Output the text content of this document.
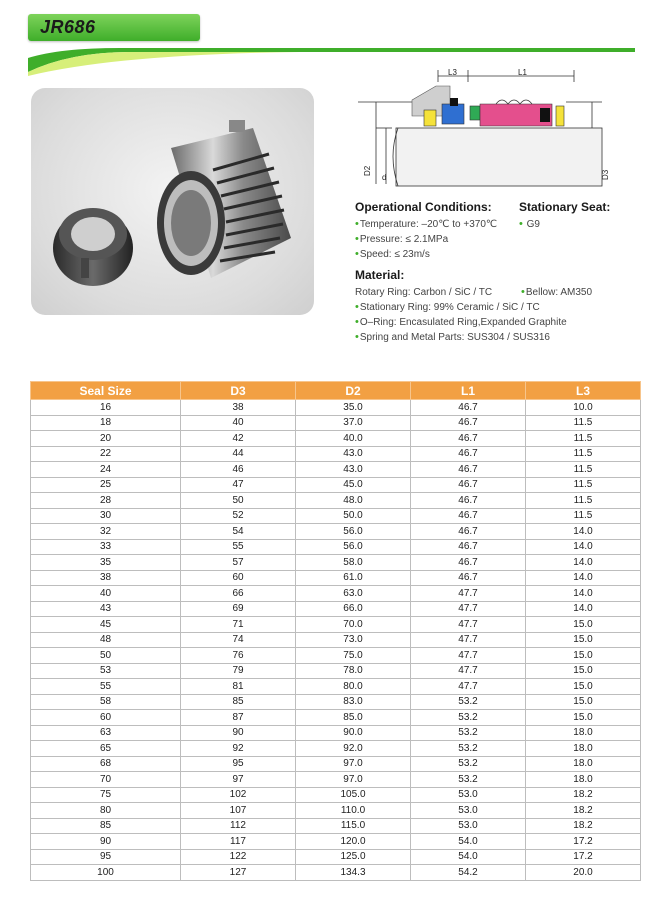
JR686
L3	L1
D2
d	D3
Operational Conditions: Stationary Seat:
•Temperature: –20℃ to +370℃
•Pressure: ≤ 2.1MPa
•Speed: ≤ 23m/s
• G9
Material:
Rotary Ring: Carbon / SiC / TC	•Bellow: AM350
•Stationary Ring: 99% Ceramic / SiC / TC
•O–Ring: Encasulated Ring,Expanded Graphite
•Spring and Metal Parts: SUS304 / SUS316
Seal Size	D3	D2	L1	L3
16	38	35.0	46.7	10.0
18	40	37.0	46.7	11.5
20	42	40.0	46.7	11.5
22	44	43.0	46.7	11.5
24	46	43.0	46.7	11.5
25	47	45.0	46.7	11.5
28	50	48.0	46.7	11.5
30	52	50.0	46.7	11.5
32	54	56.0	46.7	14.0
33	55	56.0	46.7	14.0
35	57	58.0	46.7	14.0
38	60	61.0	46.7	14.0
40	66	63.0	47.7	14.0
43	69	66.0	47.7	14.0
45	71	70.0	47.7	15.0
48	74	73.0	47.7	15.0
50	76	75.0	47.7	15.0
53	79	78.0	47.7	15.0
55	81	80.0	47.7	15.0
58	85	83.0	53.2	15.0
60	87	85.0	53.2	15.0
63	90	90.0	53.2	18.0
65	92	92.0	53.2	18.0
68	95	97.0	53.2	18.0
70	97	97.0	53.2	18.0
75	102	105.0	53.0	18.2
80	107	110.0	53.0	18.2
85	112	115.0	53.0	18.2
90	117	120.0	54.0	17.2
95	122	125.0	54.0	17.2
100	127	134.3	54.2	20.0
